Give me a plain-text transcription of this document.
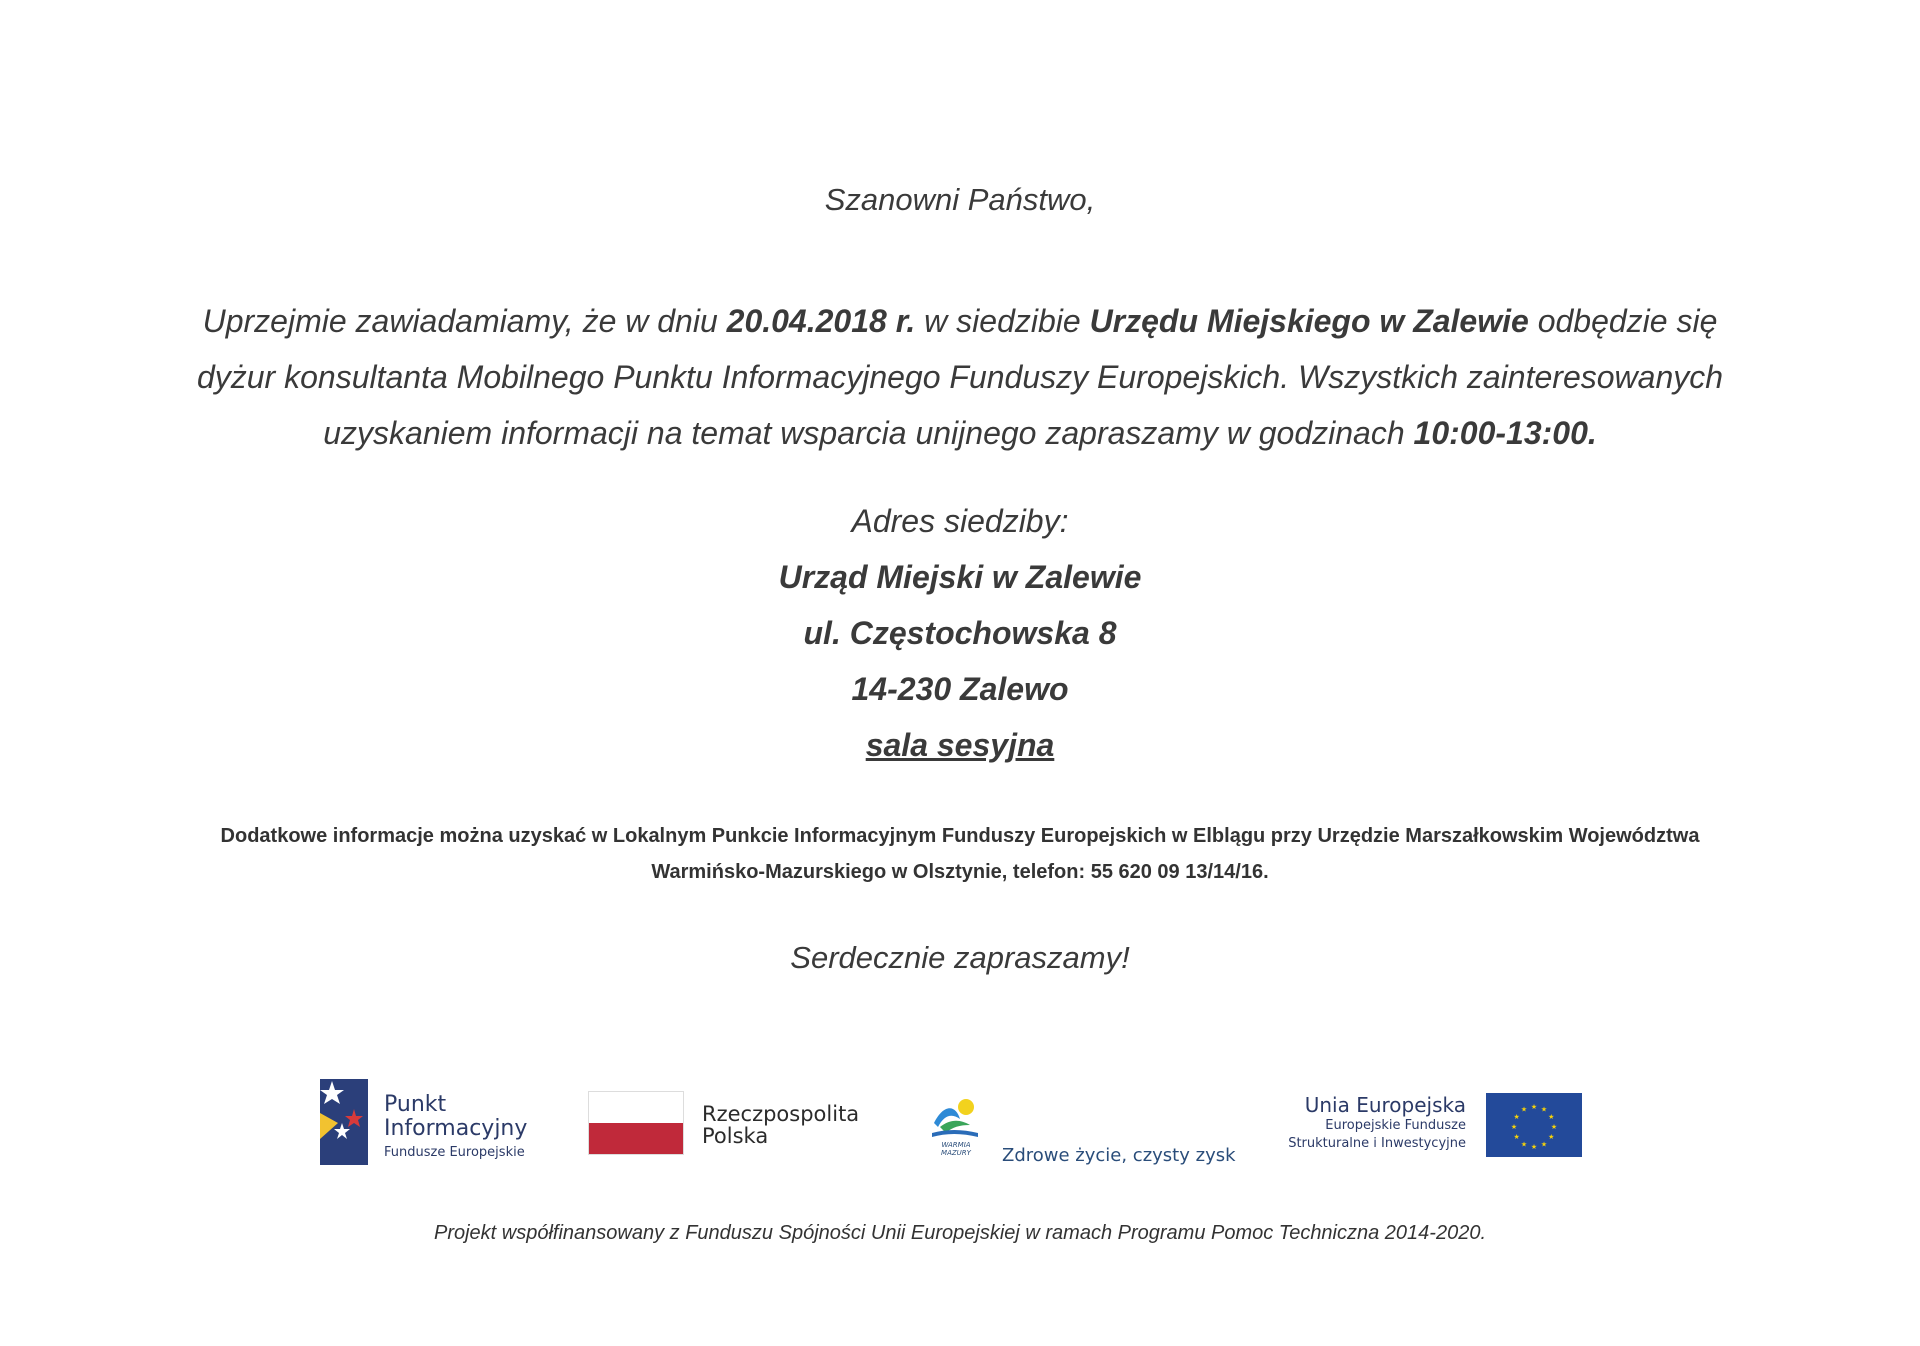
Szanowni Państwo,
Uprzejmie zawiadamiamy, że w dniu 20.04.2018 r. w siedzibie Urzędu Miejskiego w Zalewie odbędzie się dyżur konsultanta Mobilnego Punktu Informacyjnego Funduszy Europejskich. Wszystkich zainteresowanych uzyskaniem informacji na temat wsparcia unijnego zapraszamy w godzinach 10:00-13:00.
Adres siedziby:
Urząd Miejski w Zalewie
ul. Częstochowska 8
14-230 Zalewo
sala sesyjna
Dodatkowe informacje można uzyskać w Lokalnym Punkcie Informacyjnym Funduszy Europejskich w Elblągu przy Urzędzie Marszałkowskim Województwa Warmińsko-Mazurskiego w Olsztynie, telefon: 55 620 09 13/14/16.
Serdecznie zapraszamy!
Punkt
Informacyjny
Fundusze Europejskie
Rzeczpospolita
Polska	WARMIA
MAZURY Zdrowe życie, czysty zysk
Unia Europejska
Europejskie Fundusze
Strukturalne i Inwestycyjne
★ ★
★
★
★
★
★
★
★
★
★
★
Projekt współfinansowany z Funduszu Spójności Unii Europejskiej w ramach Programu Pomoc Techniczna 2014-2020.
